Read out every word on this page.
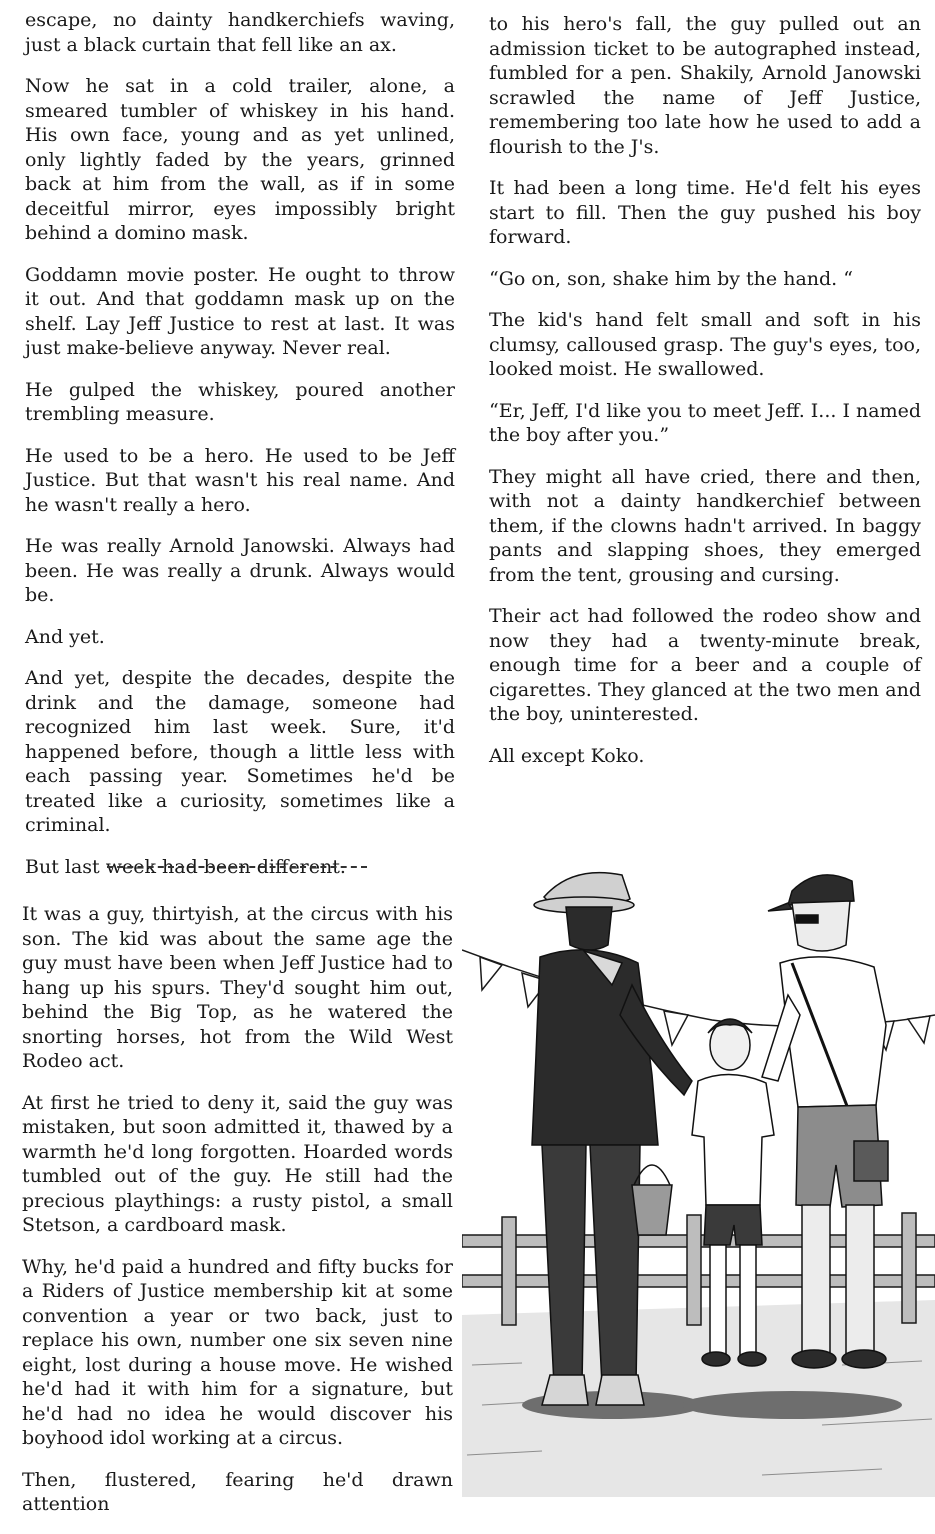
escape, no dainty handkerchiefs waving, just a black curtain that fell like an ax.

Now he sat in a cold trailer, alone, a smeared tumbler of whiskey in his hand. His own face, young and as yet unlined, only lightly faded by the years, grinned back at him from the wall, as if in some deceitful mirror, eyes impossibly bright behind a domino mask.

Goddamn movie poster. He ought to throw it out. And that goddamn mask up on the shelf. Lay Jeff Justice to rest at last. It was just make-believe anyway. Never real.

He gulped the whiskey, poured another trembling measure.

He used to be a hero. He used to be Jeff Justice. But that wasn't his real name. And he wasn't really a hero.

He was really Arnold Janowski. Always had been. He was really a drunk. Always would be.

And yet.

And yet, despite the decades, despite the drink and the damage, someone had recognized him last week. Sure, it'd happened before, though a little less with each passing year. Sometimes he'd be treated like a curiosity, sometimes like a criminal.

But last week had been different.

It was a guy, thirtyish, at the circus with his son. The kid was about the same age the guy must have been when Jeff Justice had to hang up his spurs. They'd sought him out, behind the Big Top, as he watered the snorting horses, hot from the Wild West Rodeo act.

At first he tried to deny it, said the guy was mistaken, but soon admitted it, thawed by a warmth he'd long forgotten. Hoarded words tumbled out of the guy. He still had the precious playthings: a rusty pistol, a small Stetson, a cardboard mask.

Why, he'd paid a hundred and fifty bucks for a Riders of Justice membership kit at some convention a year or two back, just to replace his own, number one six seven nine eight, lost during a house move. He wished he'd had it with him for a signature, but he'd had no idea he would discover his boyhood idol working at a circus.

Then, flustered, fearing he'd drawn attention

to his hero's fall, the guy pulled out an admission ticket to be autographed instead, fumbled for a pen. Shakily, Arnold Janowski scrawled the name of Jeff Justice, remembering too late how he used to add a flourish to the J's.

It had been a long time. He'd felt his eyes start to fill. Then the guy pushed his boy forward.

“Go on, son, shake him by the hand. “

The kid's hand felt small and soft in his clumsy, calloused grasp. The guy's eyes, too, looked moist. He swallowed.

“Er, Jeff, I'd like you to meet Jeff. I... I named the boy after you.”

They might all have cried, there and then, with not a dainty handkerchief between them, if the clowns hadn't arrived. In baggy pants and slapping shoes, they emerged from the tent, grousing and cursing.

Their act had followed the rodeo show and now they had a twenty-minute break, enough time for a beer and a couple of cigarettes. They glanced at the two men and the boy, uninterested.

All except Koko.
